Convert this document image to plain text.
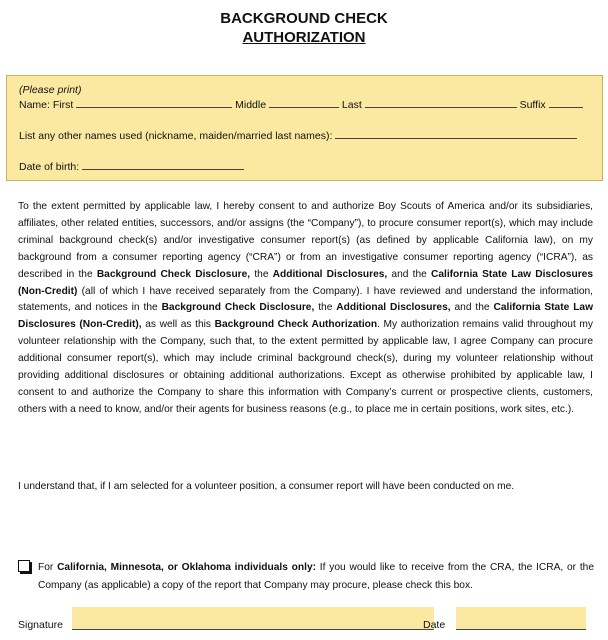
BACKGROUND CHECK
AUTHORIZATION
(Please print)
Name: First	Middle	Last	Suffix
List any other names used (nickname, maiden/married last names):
Date of birth:
To the extent permitted by applicable law, I hereby consent to and authorize Boy Scouts of America and/or its subsidiaries, affiliates, other related entities, successors, and/or assigns (the “Company”), to procure consumer report(s), which may include criminal background check(s) and/or investigative consumer report(s) (as defined by applicable California law), on my background from a consumer reporting agency (“CRA”) or from an investigative consumer reporting agency (“ICRA”), as described in the Background Check Disclosure, the Additional Disclosures, and the California State Law Disclosures (Non-Credit) (all of which I have received separately from the Company). I have reviewed and understand the information, statements, and notices in the Background Check Disclosure, the Additional Disclosures, and the California State Law Disclosures (Non-Credit), as well as this Background Check Authorization. My authorization remains valid throughout my volunteer relationship with the Company, such that, to the extent permitted by applicable law, I agree Company can procure additional consumer report(s), which may include criminal background check(s), during my volunteer relationship without providing additional disclosures or obtaining additional authorizations. Except as otherwise prohibited by applicable law, I consent to and authorize the Company to share this information with Company’s current or prospective clients, customers, others with a need to know, and/or their agents for business reasons (e.g., to place me in certain positions, work sites, etc.).
I understand that, if I am selected for a volunteer position, a consumer report will have been conducted on me.
For California, Minnesota, or Oklahoma individuals only: If you would like to receive from the CRA, the ICRA, or the Company (as applicable) a copy of the report that Company may procure, please check this box.
Signature	Date
